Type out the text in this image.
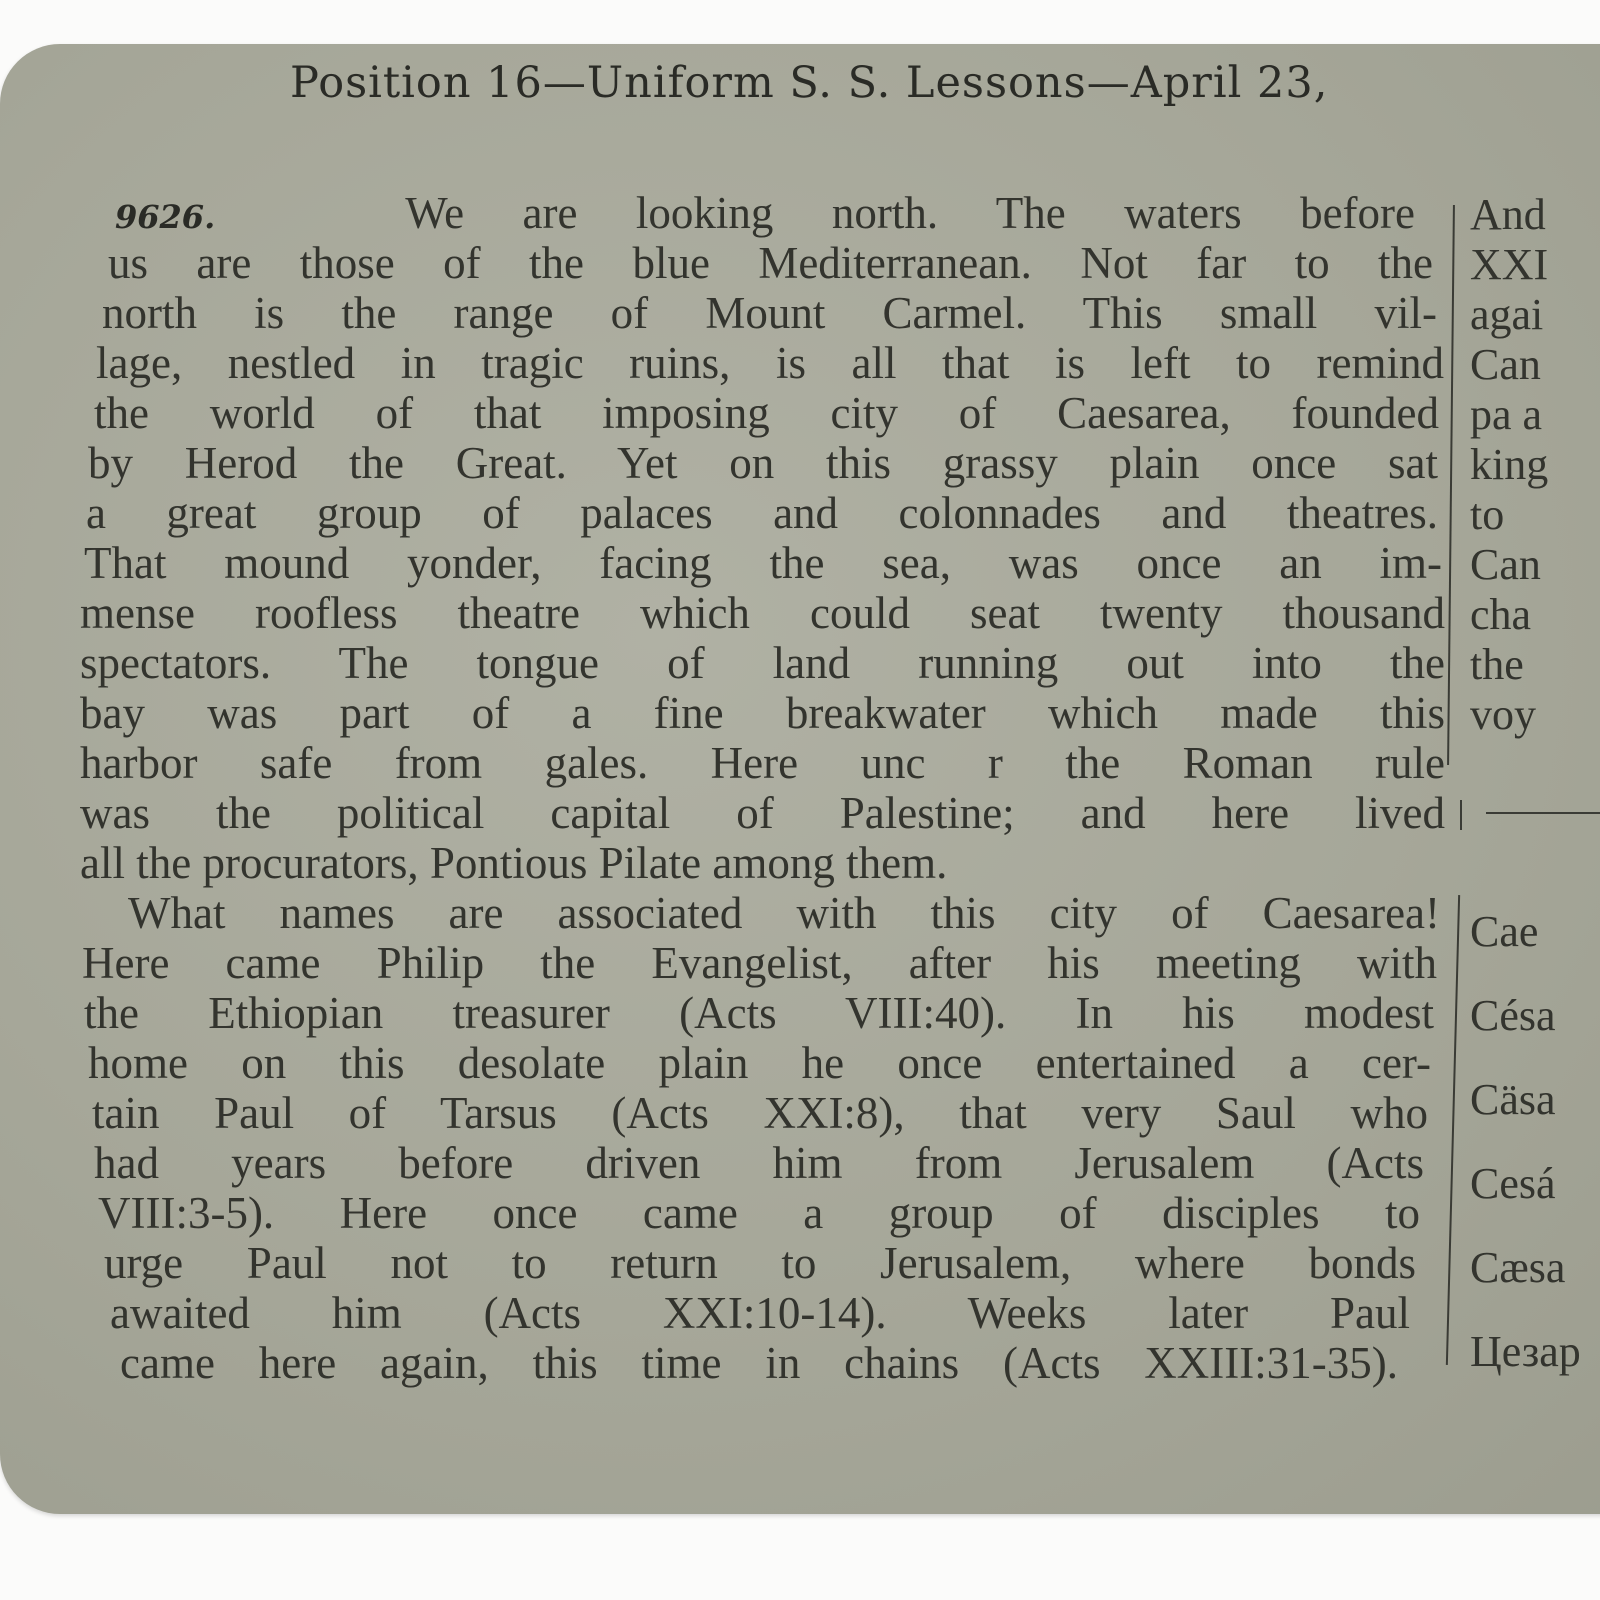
Position 16—Uniform S. S. Lessons—April 23,
9626.	We are looking north. The waters before
us are those of the blue Mediterranean. Not far to the
north is the range of Mount Carmel. This small vil-
lage, nestled in tragic ruins, is all that is left to remind
the world of that imposing city of Caesarea, founded
by Herod the Great. Yet on this grassy plain once sat
a great group of palaces and colonnades and theatres.
That mound yonder, facing the sea, was once an im-
mense roofless theatre which could seat twenty thousand
spectators. The tongue of land running out into the
bay was part of a fine breakwater which made this
harbor safe from gales. Here unc r the Roman rule
was the political capital of Palestine; and here lived
all the procurators, Pontious Pilate among them.
What names are associated with this city of Caesarea!
Here came Philip the Evangelist, after his meeting with
the Ethiopian treasurer (Acts VIII:40). In his modest
home on this desolate plain he once entertained a cer-
tain Paul of Tarsus (Acts XXI:8), that very Saul who
had years before driven him from Jerusalem (Acts
VIII:3-5). Here once came a group of disciples to
urge Paul not to return to Jerusalem, where bonds
awaited him (Acts XXI:10-14). Weeks later Paul
came here again, this time in chains (Acts XXIII:31-35).
And
XXI
agai
Can
pa a
king
to
Can
cha
the
voy
Cae
Césa
Cäsa
Cesá
Cæsa
Цезар
